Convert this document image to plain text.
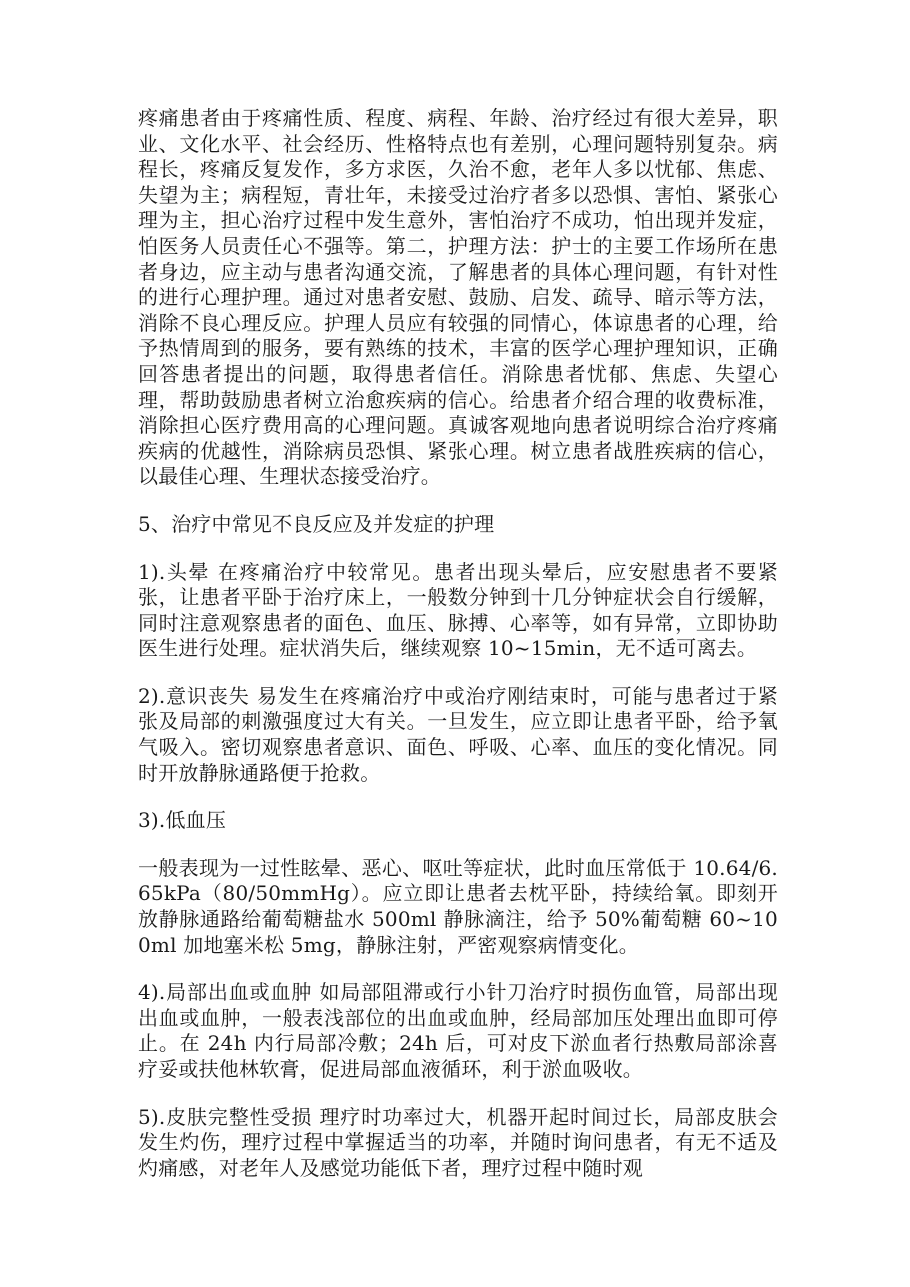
疼痛患者由于疼痛性质、程度、病程、年龄、治疗经过有很大差异，职业、文化水平、社会经历、性格特点也有差别，心理问题特别复杂。病程长，疼痛反复发作，多方求医，久治不愈，老年人多以忧郁、焦虑、失望为主；病程短，青壮年，未接受过治疗者多以恐惧、害怕、紧张心理为主，担心治疗过程中发生意外，害怕治疗不成功，怕出现并发症，怕医务人员责任心不强等。第二，护理方法：护士的主要工作场所在患者身边，应主动与患者沟通交流，了解患者的具体心理问题，有针对性的进行心理护理。通过对患者安慰、鼓励、启发、疏导、暗示等方法，消除不良心理反应。护理人员应有较强的同情心，体谅患者的心理，给予热情周到的服务，要有熟练的技术，丰富的医学心理护理知识，正确回答患者提出的问题，取得患者信任。消除患者忧郁、焦虑、失望心理，帮助鼓励患者树立治愈疾病的信心。给患者介绍合理的收费标准，消除担心医疗费用高的心理问题。真诚客观地向患者说明综合治疗疼痛疾病的优越性，消除病员恐惧、紧张心理。树立患者战胜疾病的信心，以最佳心理、生理状态接受治疗。

5、治疗中常见不良反应及并发症的护理

1).头晕 在疼痛治疗中较常见。患者出现头晕后，应安慰患者不要紧张，让患者平卧于治疗床上，一般数分钟到十几分钟症状会自行缓解，同时注意观察患者的面色、血压、脉搏、心率等，如有异常，立即协助医生进行处理。症状消失后，继续观察 10~15min，无不适可离去。

2).意识丧失 易发生在疼痛治疗中或治疗刚结束时，可能与患者过于紧张及局部的刺激强度过大有关。一旦发生，应立即让患者平卧，给予氧气吸入。密切观察患者意识、面色、呼吸、心率、血压的变化情况。同时开放静脉通路便于抢救。

3).低血压

一般表现为一过性眩晕、恶心、呕吐等症状，此时血压常低于 10.64/6.65kPa（80/50mmHg）。应立即让患者去枕平卧，持续给氧。即刻开放静脉通路给葡萄糖盐水 500ml 静脉滴注，给予 50%葡萄糖 60~100ml 加地塞米松 5mg，静脉注射，严密观察病情变化。

4).局部出血或血肿 如局部阻滞或行小针刀治疗时损伤血管，局部出现出血或血肿，一般表浅部位的出血或血肿，经局部加压处理出血即可停止。在 24h 内行局部冷敷；24h 后，可对皮下淤血者行热敷局部涂喜疗妥或扶他林软膏，促进局部血液循环，利于淤血吸收。

5).皮肤完整性受损 理疗时功率过大，机器开起时间过长，局部皮肤会发生灼伤，理疗过程中掌握适当的功率，并随时询问患者，有无不适及灼痛感，对老年人及感觉功能低下者，理疗过程中随时观
